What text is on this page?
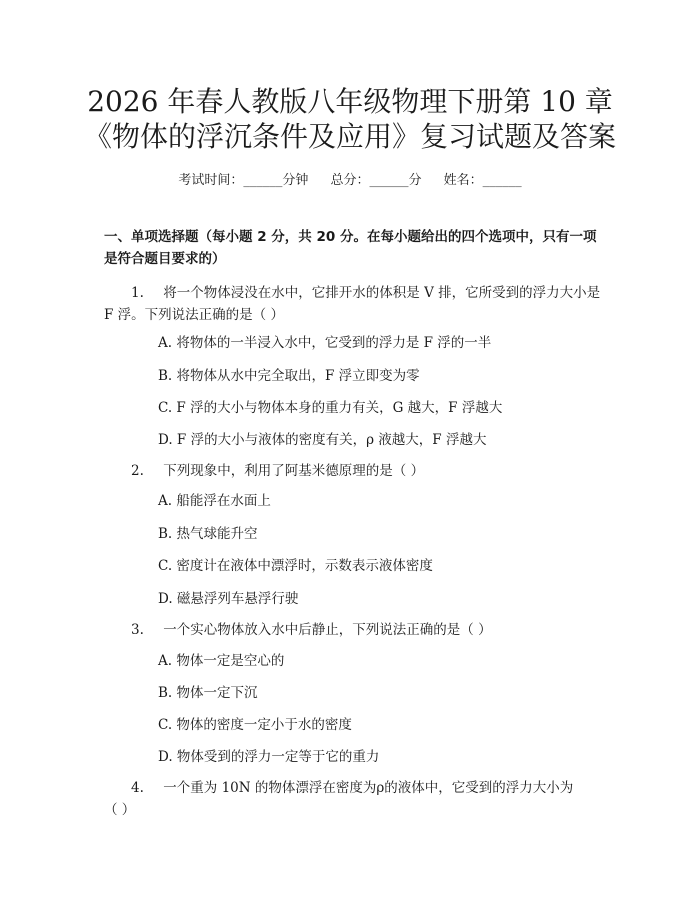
2026 年春人教版八年级物理下册第 10 章
《物体的浮沉条件及应用》复习试题及答案
考试时间：______分钟 总分：______分 姓名：______
一、单项选择题（每小题 2 分，共 20 分。在每小题给出的四个选项中，只有一项是符合题目要求的）
1. 将一个物体浸没在水中，它排开水的体积是 V 排，它所受到的浮力大小是
F 浮。下列说法正确的是（ ）
A. 将物体的一半浸入水中，它受到的浮力是 F 浮的一半
B. 将物体从水中完全取出，F 浮立即变为零
C. F 浮的大小与物体本身的重力有关，G 越大，F 浮越大
D. F 浮的大小与液体的密度有关，ρ 液越大，F 浮越大
2. 下列现象中，利用了阿基米德原理的是（ ）
A. 船能浮在水面上
B. 热气球能升空
C. 密度计在液体中漂浮时，示数表示液体密度
D. 磁悬浮列车悬浮行驶
3. 一个实心物体放入水中后静止，下列说法正确的是（ ）
A. 物体一定是空心的
B. 物体一定下沉
C. 物体的密度一定小于水的密度
D. 物体受到的浮力一定等于它的重力
4. 一个重为 10N 的物体漂浮在密度为ρ的液体中，它受到的浮力大小为
（ ）
